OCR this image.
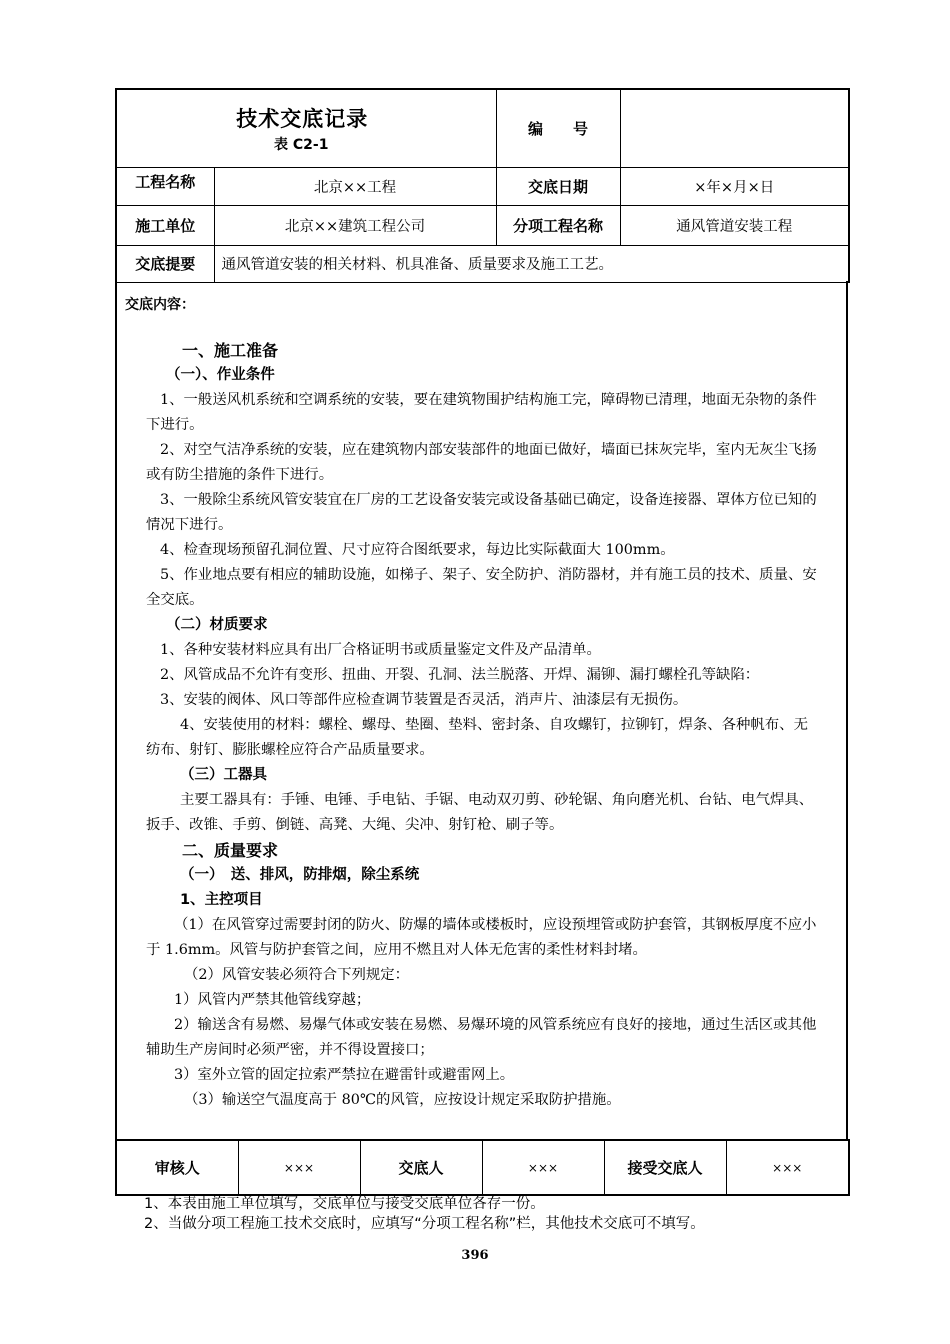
技术交底记录
表 C2-1		编　　号	
工程名称	北京××工程	交底日期	×年×月×日
施工单位	北京××建筑工程公司	分项工程名称	通风管道安装工程
交底提要	通风管道安装的相关材料、机具准备、质量要求及施工工艺。		
交底内容：

一、施工准备

（一）、作业条件

1、一般送风机系统和空调系统的安装，要在建筑物围护结构施工完，障碍物已清理，地面无杂物的条件下进行。

2、对空气洁净系统的安装，应在建筑物内部安装部件的地面已做好，墙面已抹灰完毕，室内无灰尘飞扬或有防尘措施的条件下进行。

3、一般除尘系统风管安装宜在厂房的工艺设备安装完或设备基础已确定，设备连接器、罩体方位已知的情况下进行。

4、检查现场预留孔洞位置、尺寸应符合图纸要求，每边比实际截面大 100mm。

5、作业地点要有相应的辅助设施，如梯子、架子、安全防护、消防器材，并有施工员的技术、质量、安全交底。

（二）材质要求

1、各种安装材料应具有出厂合格证明书或质量鉴定文件及产品清单。

2、风管成品不允许有变形、扭曲、开裂、孔洞、法兰脱落、开焊、漏铆、漏打螺栓孔等缺陷：

3、安装的阀体、风口等部件应检查调节装置是否灵活，消声片、油漆层有无损伤。

4、安装使用的材料：螺栓、螺母、垫圈、垫料、密封条、自攻螺钉，拉铆钉，焊条、各种帆布、无纺布、射钉、膨胀螺栓应符合产品质量要求。

（三）工器具

主要工器具有：手锤、电锤、手电钻、手锯、电动双刃剪、砂轮锯、角向磨光机、台钻、电气焊具、扳手、改锥、手剪、倒链、高凳、大绳、尖冲、射钉枪、刷子等。

二、质量要求

（一）　送、排风，防排烟，除尘系统

1、主控项目

（1）在风管穿过需要封闭的防火、防爆的墙体或楼板时，应设预埋管或防护套管，其钢板厚度不应小于 1.6mm。风管与防护套管之间，应用不燃且对人体无危害的柔性材料封堵。

（2）风管安装必须符合下列规定：

1）风管内严禁其他管线穿越；

2）输送含有易燃、易爆气体或安装在易燃、易爆环境的风管系统应有良好的接地，通过生活区或其他辅助生产房间时必须严密，并不得设置接口；

3）室外立管的固定拉索严禁拉在避雷针或避雷网上。

（3）输送空气温度高于 80℃的风管，应按设计规定采取防护措施。

审核人	×××	交底人	×××	接受交底人	×××
1、本表由施工单位填写，交底单位与接受交底单位各存一份。
2、当做分项工程施工技术交底时，应填写“分项工程名称”栏，其他技术交底可不填写。
396
